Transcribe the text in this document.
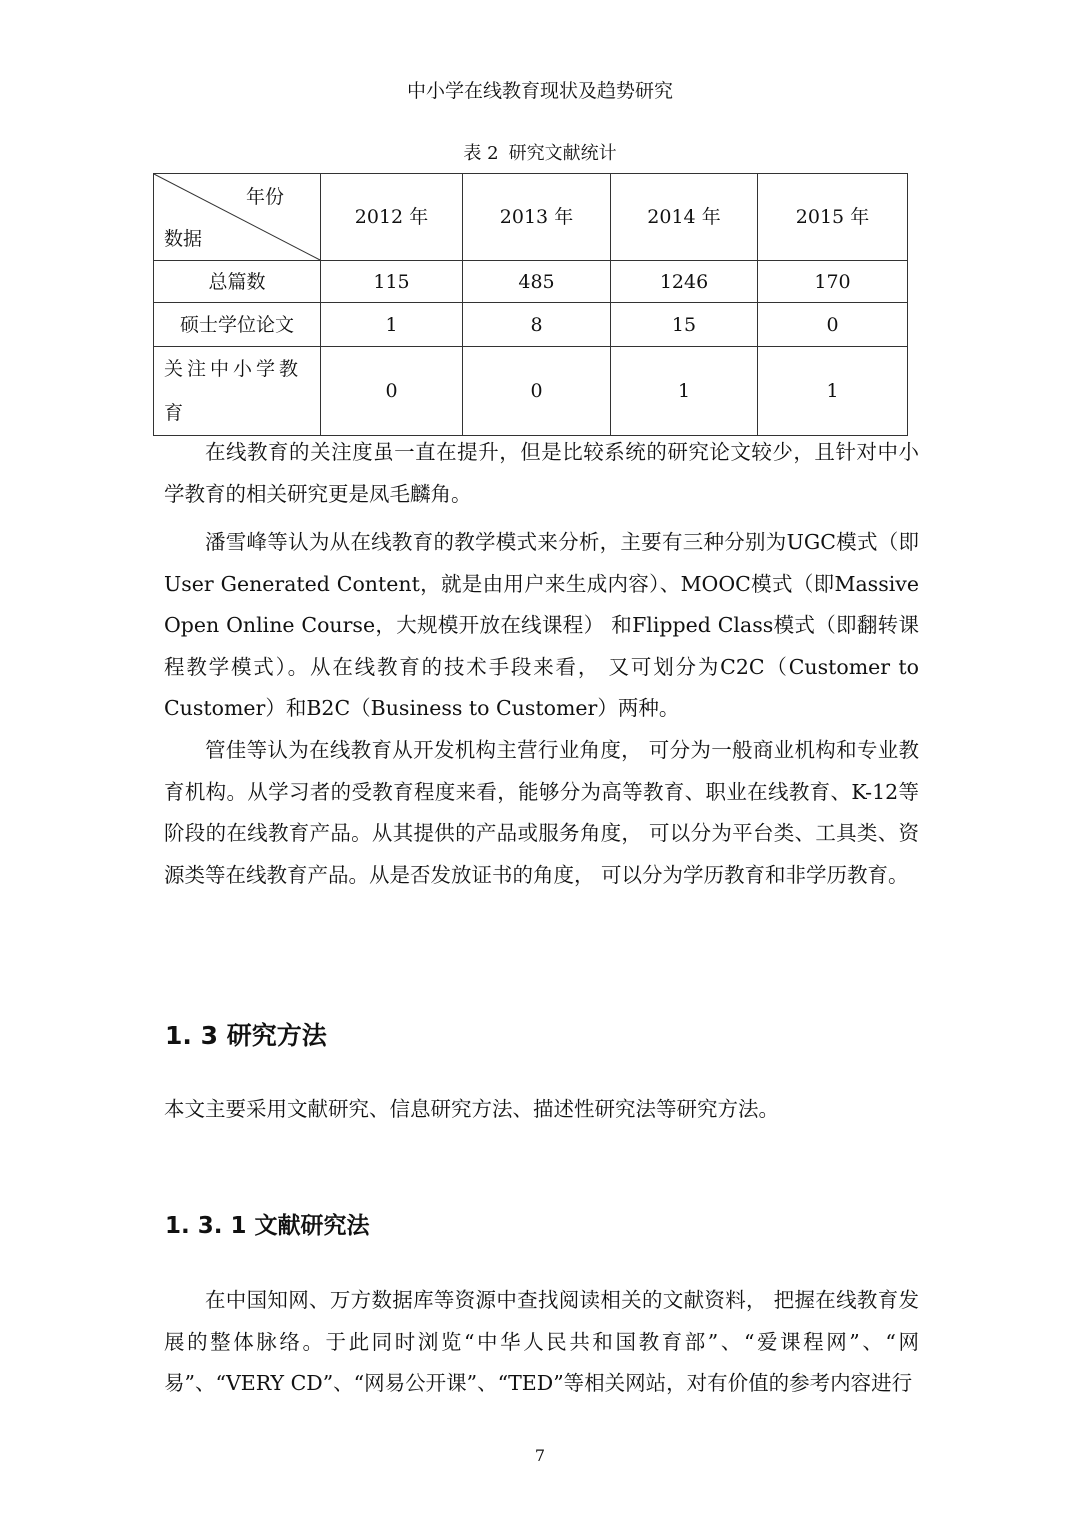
中小学在线教育现状及趋势研究
表 2 研究文献统计
年份
数据	2012 年	2013 年	2014 年	2015 年
总篇数	115	485	1246	170
硕士学位论文	1	8	15	0
关注中小学教
育	0	0	1	1

在线教育的关注度虽一直在提升，但是比较系统的研究论文较少，且针对中小学教育的相关研究更是凤毛麟角。

潘雪峰等认为从在线教育的教学模式来分析，主要有三种分别为UGC模式（即User Generated Content，就是由用户来生成内容）、MOOC模式（即Massive Open Online Course，大规模开放在线课程） 和Flipped Class模式（即翻转课程教学模式）。从在线教育的技术手段来看， 又可划分为C2C（Customer to Customer）和B2C（Business to Customer）两种。

管佳等认为在线教育从开发机构主营行业角度， 可分为一般商业机构和专业教育机构。从学习者的受教育程度来看，能够分为高等教育、职业在线教育、K-12等阶段的在线教育产品。从其提供的产品或服务角度， 可以分为平台类、工具类、资源类等在线教育产品。从是否发放证书的角度， 可以分为学历教育和非学历教育。

1. 3 研究方法
本文主要采用文献研究、信息研究方法、描述性研究法等研究方法。
1. 3. 1 文献研究法

在中国知网、万方数据库等资源中查找阅读相关的文献资料， 把握在线教育发展的整体脉络。于此同时浏览“中华人民共和国教育部”、“爱课程网”、“网易”、“VERY CD”、“网易公开课”、“TED”等相关网站，对有价值的参考内容进行

7
